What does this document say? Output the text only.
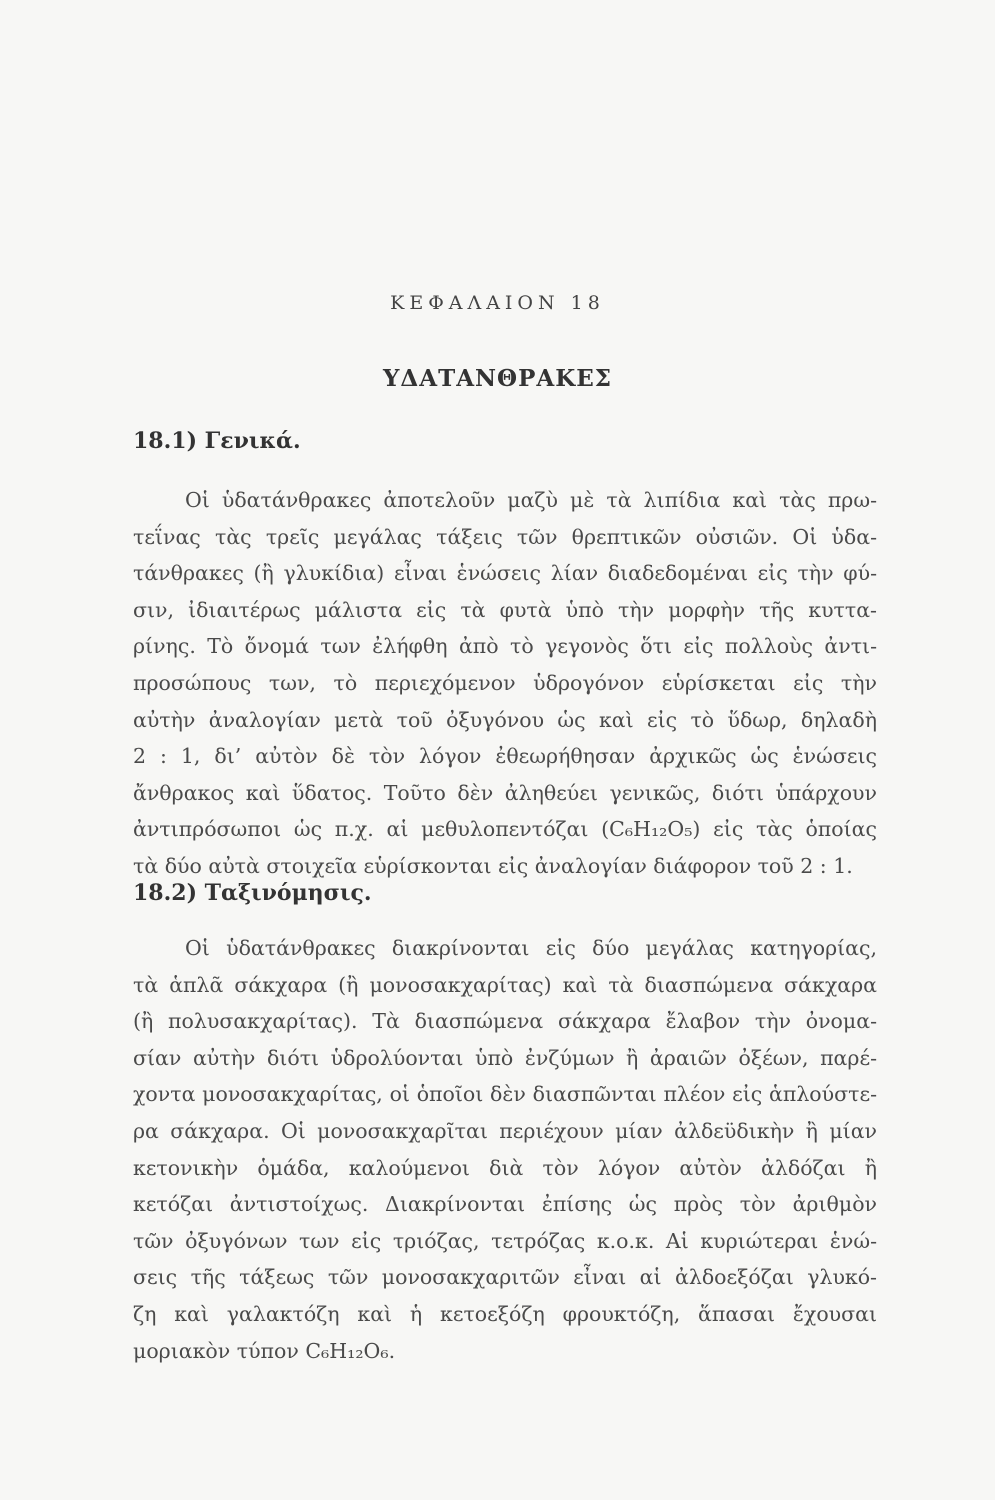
ΚΕΦΑΛΑΙΟΝ 18
ΥΔΑΤΑΝΘΡΑΚΕΣ
18.1) Γενικά.
Οἱ ὑδατάνθρακες ἀποτελοῦν μαζὺ μὲ τὰ λιπίδια καὶ τὰς πρω-
τεΐνας τὰς τρεῖς μεγάλας τάξεις τῶν θρεπτικῶν οὐσιῶν. Οἱ ὑδα-
τάνθρακες (ἢ γλυκίδια) εἶναι ἑνώσεις λίαν διαδεδομέναι εἰς τὴν φύ-
σιν, ἰδιαιτέρως μάλιστα εἰς τὰ φυτὰ ὑπὸ τὴν μορφὴν τῆς κυττα-
ρίνης. Τὸ ὄνομά των ἐλήφθη ἀπὸ τὸ γεγονὸς ὅτι εἰς πολλοὺς ἀντι-
προσώπους των, τὸ περιεχόμενον ὑδρογόνον εὑρίσκεται εἰς τὴν
αὐτὴν ἀναλογίαν μετὰ τοῦ ὀξυγόνου ὡς καὶ εἰς τὸ ὕδωρ, δηλαδὴ
2 : 1, δι’ αὐτὸν δὲ τὸν λόγον ἐθεωρήθησαν ἀρχικῶς ὡς ἑνώσεις
ἄνθρακος καὶ ὕδατος. Τοῦτο δὲν ἀληθεύει γενικῶς, διότι ὑπάρχουν
ἀντιπρόσωποι ὡς π.χ. αἱ μεθυλοπεντόζαι (C₆H₁₂O₅) εἰς τὰς ὁποίας
τὰ δύο αὐτὰ στοιχεῖα εὑρίσκονται εἰς ἀναλογίαν διάφορον τοῦ 2 : 1.
18.2) Ταξινόμησις.
Οἱ ὑδατάνθρακες διακρίνονται εἰς δύο μεγάλας κατηγορίας,
τὰ ἁπλᾶ σάκχαρα (ἢ μονοσακχαρίτας) καὶ τὰ διασπώμενα σάκχαρα
(ἢ πολυσακχαρίτας). Τὰ διασπώμενα σάκχαρα ἔλαβον τὴν ὀνομα-
σίαν αὐτὴν διότι ὑδρολύονται ὑπὸ ἐνζύμων ἢ ἀραιῶν ὀξέων, παρέ-
χοντα μονοσακχαρίτας, οἱ ὁποῖοι δὲν διασπῶνται πλέον εἰς ἁπλούστε-
ρα σάκχαρα. Οἱ μονοσακχαρῖται περιέχουν μίαν ἀλδεϋδικὴν ἢ μίαν
κετονικὴν ὁμάδα, καλούμενοι διὰ τὸν λόγον αὐτὸν ἀλδόζαι ἢ
κετόζαι ἀντιστοίχως. Διακρίνονται ἐπίσης ὡς πρὸς τὸν ἀριθμὸν
τῶν ὀξυγόνων των εἰς τριόζας, τετρόζας κ.ο.κ. Αἱ κυριώτεραι ἑνώ-
σεις τῆς τάξεως τῶν μονοσακχαριτῶν εἶναι αἱ ἀλδοεξόζαι γλυκό-
ζη καὶ γαλακτόζη καὶ ἡ κετοεξόζη φρουκτόζη, ἅπασαι ἔχουσαι
μοριακὸν τύπον C₆H₁₂O₆.
